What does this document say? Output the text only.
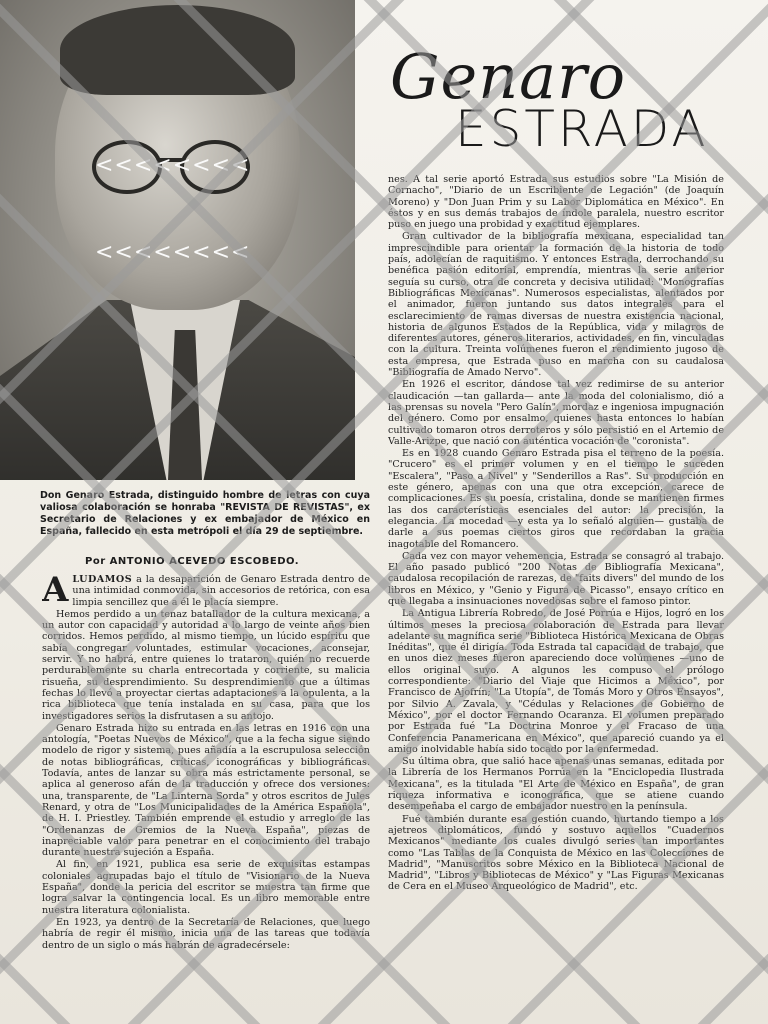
<<<<<<<<
<<<<<<<<
Genaro
ESTRADA
Don Genaro Estrada, distinguido hombre de letras con cuya valiosa colaboración se honraba "REVISTA DE REVISTAS", ex Secretario de Relaciones y ex embajador de México en España, fallecido en esta metrópoli el día 29 de septiembre.
Por ANTONIO ACEVEDO ESCOBEDO.

ALUDAMOS a la desaparición de Genaro Estrada dentro de una intimidad conmovida, sin accesorios de retórica, con esa limpia sencillez que a él le placía siempre.

Hemos perdido a un tenaz batallador de la cultura mexicana, a un autor con capacidad y autoridad a lo largo de veinte años bien corridos. Hemos perdido, al mismo tiempo, un lúcido espíritu que sabía congregar voluntades, estimular vocaciones, aconsejar, servir. Y no habrá, entre quienes lo trataron, quién no recuerde perdurablemente su charla entrecortada y corriente, su malicia risueña, su desprendimiento. Su desprendimiento que a últimas fechas lo llevó a proyectar ciertas adaptaciones a la opulenta, a la rica biblioteca que tenía instalada en su casa, para que los investigadores serios la disfrutasen a su antojo.

Genaro Estrada hizo su entrada en las letras en 1916 con una antología, "Poetas Nuevos de México", que a la fecha sigue siendo modelo de rigor y sistema, pues añadía a la escrupulosa selección de notas bibliográficas, críticas, iconográficas y bibliográficas. Todavía, antes de lanzar su obra más estrictamente personal, se aplica al generoso afán de la traducción y ofrece dos versiones: una, transparente, de "La Linterna Sorda" y otros escritos de Jules Renard, y otra de "Los Municipalidades de la América Española", de H. I. Priestley. También emprende el estudio y arreglo de las "Ordenanzas de Gremios de la Nueva España", piezas de inapreciable valor para penetrar en el conocimiento del trabajo durante nuestra sujeción a España.

Al fin, en 1921, publica esa serie de exquisitas estampas coloniales agrupadas bajo el título de "Visionario de la Nueva España", donde la pericia del escritor se muestra tan firme que logra salvar la contingencia local. Es un libro memorable entre nuestra literatura colonialista.

En 1923, ya dentro de la Secretaría de Relaciones, que luego habría de regir él mismo, inicia una de las tareas que todavía dentro de un siglo o más habrán de agradecérsele:

nes. A tal serie aportó Estrada sus estudios sobre "La Misión de Cornacho", "Diario de un Escribiente de Legación" (de Joaquín Moreno) y "Don Juan Prim y su Labor Diplomática en México". En éstos y en sus demás trabajos de índole paralela, nuestro escritor puso en juego una probidad y exactitud ejemplares.

Gran cultivador de la bibliografía mexicana, especialidad tan imprescindible para orientar la formación de la historia de todo país, adolecían de raquitismo. Y entonces Estrada, derrochando su benéfica pasión editorial, emprendía, mientras la serie anterior seguía su curso, otra de concreta y decisiva utilidad: "Monografías Bibliográficas Mexicanas". Numerosos especialistas, alentados por el animador, fueron juntando sus datos integrales para el esclarecimiento de ramas diversas de nuestra existencia nacional, historia de algunos Estados de la República, vida y milagros de diferentes autores, géneros literarios, actividades, en fin, vinculadas con la cultura. Treinta volúmenes fueron el rendimiento jugoso de esta empresa, que Estrada puso en marcha con su caudalosa "Bibliografía de Amado Nervo".

En 1926 el escritor, dándose tal vez redimirse de su anterior claudicación —tan gallarda— ante la moda del colonialismo, dió a las prensas su novela "Pero Galín", mordaz e ingeniosa impugnación del género. Como por ensalmo, quienes hasta entonces lo habían cultivado tomaron otros derroteros y sólo persistió en el Artemio de Valle-Arizpe, que nació con auténtica vocación de "coronista".

Es en 1928 cuando Genaro Estrada pisa el terreno de la poesía. "Crucero" es el primer volumen y en el tiempo le suceden "Escalera", "Paso a Nivel" y "Senderillos a Ras". Su producción en este género, apenas con una que otra excepción, carece de complicaciones. Es su poesía, cristalina, donde se mantienen firmes las dos características esenciales del autor: la precisión, la elegancia. La mocedad —y esta ya lo señaló alguien— gustaba de darle a sus poemas ciertos giros que recordaban la gracia inagotable del Romancero.

Cada vez con mayor vehemencia, Estrada se consagró al trabajo. El año pasado publicó "200 Notas de Bibliografía Mexicana", caudalosa recopilación de rarezas, de "faits divers" del mundo de los libros en México, y "Genio y Figura de Picasso", ensayo crítico en que llegaba a insinuaciones novedosas sobre el famoso pintor.

La Antigua Librería Robredo, de José Porrúa e Hijos, logró en los últimos meses la preciosa colaboración de Estrada para llevar adelante su magnífica serie "Biblioteca Histórica Mexicana de Obras Inéditas", que él dirigía. Toda Estrada tal capacidad de trabajo, que en unos diez meses fueron apareciendo doce volúmenes —uno de ellos original suyo. A algunos les compuso el prólogo correspondiente: "Diario del Viaje que Hicimos a México", por Francisco de Ajofrín; "La Utopía", de Tomás Moro y Otros Ensayos", por Silvio A. Zavala, y "Cédulas y Relaciones de Gobierno de México", por el doctor Fernando Ocaranza. El volumen preparado por Estrada fué "La Doctrina Monroe y el Fracaso de una Conferencia Panamericana en México", que apareció cuando ya el amigo inolvidable había sido tocado por la enfermedad.

Su última obra, que salió hace apenas unas semanas, editada por la Librería de los Hermanos Porrúa en la "Enciclopedia Ilustrada Mexicana", es la titulada "El Arte de México en España", de gran riqueza informativa e iconográfica, que se atiene cuando desempeñaba el cargo de embajador nuestro en la península.

Fué también durante esa gestión cuando, hurtando tiempo a los ajetreos diplomáticos, fundó y sostuvo aquellos "Cuadernos Mexicanos" mediante los cuales divulgó series tan importantes como "Las Tablas de la Conquista de México en las Colecciones de Madrid", "Manuscritos sobre México en la Biblioteca Nacional de Madrid", "Libros y Bibliotecas de México" y "Las Figuras Mexicanas de Cera en el Museo Arqueológico de Madrid", etc.
